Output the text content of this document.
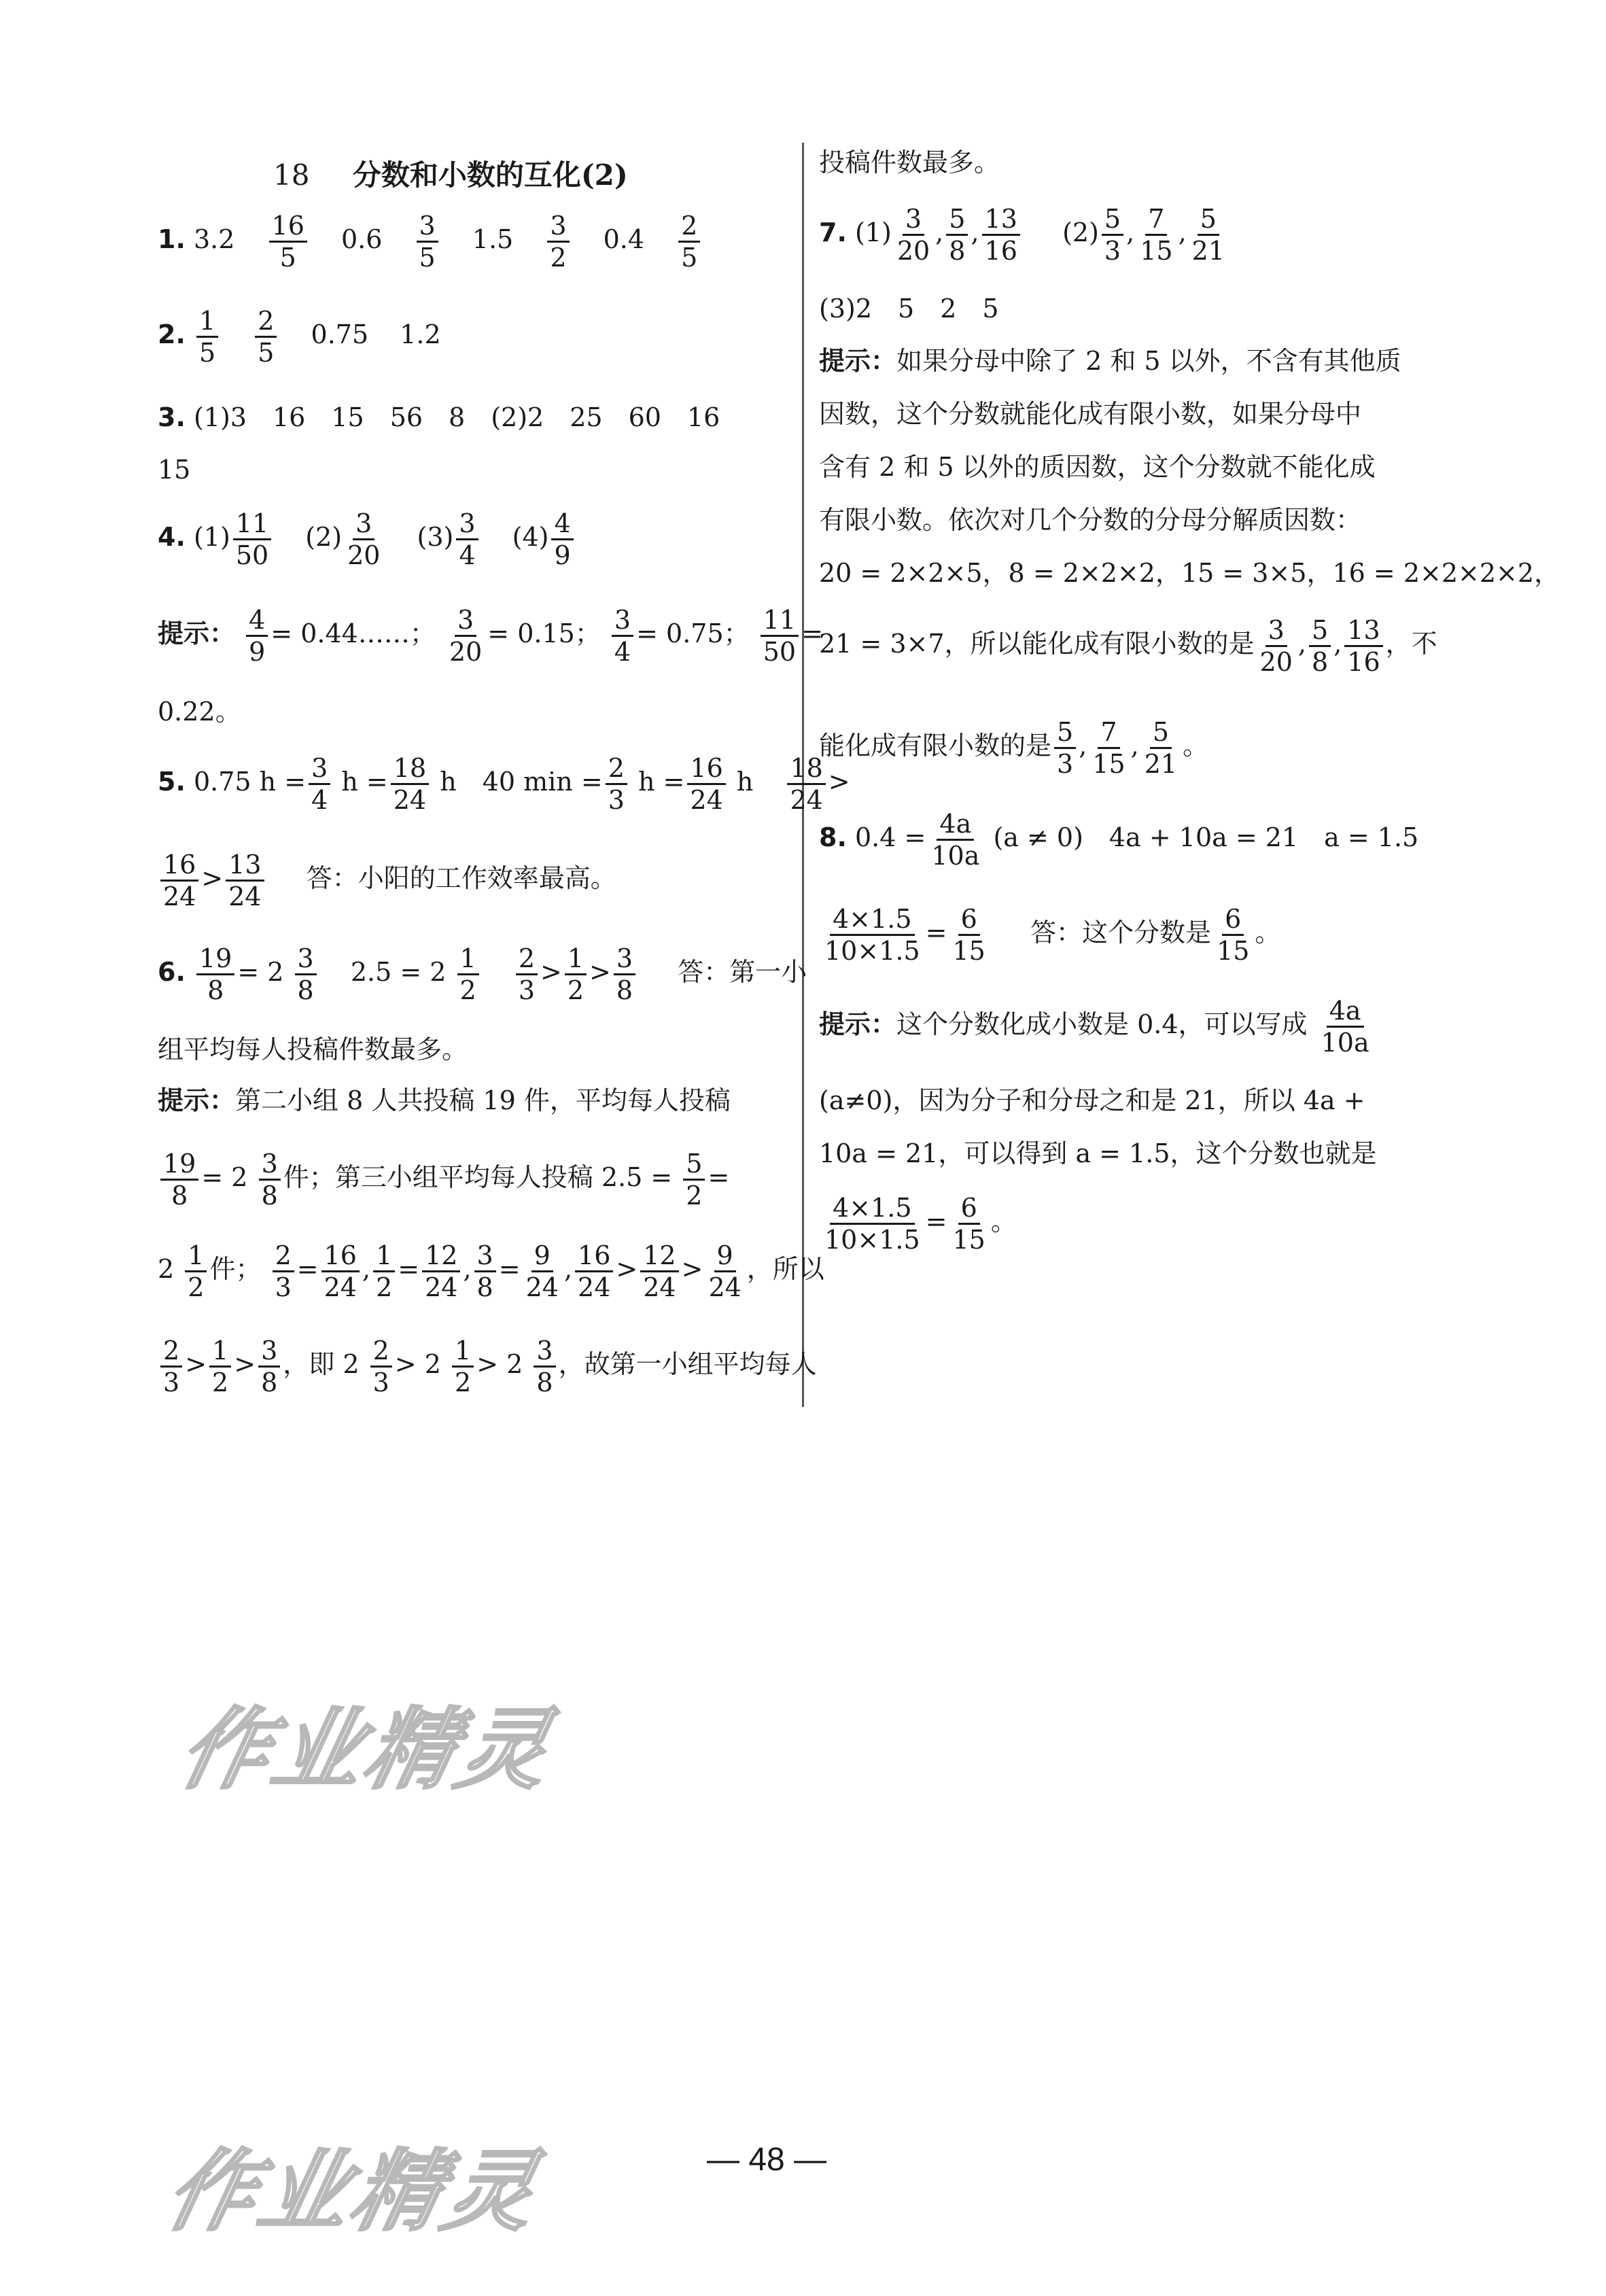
18 分数和小数的互化(2)
1. $3.2 \frac{16}{5} 0.6 \frac{3}{5} 1.5 \frac{3}{2} 0.4 \frac{2}{5}$
2. $\frac{1}{5}$
$\frac{2}{5} 0.75$ 1.2
3. (1)3　16　15　56　8　(2)2　25　60　16
15
4. $(1) \frac{11}{50} (2) \frac{3}{20} (3) \frac{3}{4} (4) \frac{4}{9}$
提示： $\frac{4}{9}$ = 0.44……； $\frac{3}{20} = 0.15$； $\frac{3}{4} = 0.75$； $\frac{11}{50}$ =
0.22。
5. 0.75 $h = \frac{3}{4}$ $h = \frac{18}{24}$ h　40 $\min = \frac{2}{3}$ $h = \frac{16}{24}$ h $\frac{18}{24}$ >
$\frac{16}{24} > \frac{13}{24}$ 答：小阳的工作效率最高。
6. $\frac{19}{8} = 2 \frac{3}{8} 2.5 = 2 \frac{1}{2}$
$\frac{2}{3} > \frac{1}{2} > \frac{3}{8}$ 答：第一小
组平均每人投稿件数最多。
提示：第二小组 8 人共投稿 19 件，平均每人投稿
$\frac{19}{8} = 2 \frac{3}{8}$ 件；第三小组平均每人投稿 $2.5 = \frac{5}{2}$ =
$2 \frac{1}{2}$ 件； $\frac{2}{3} = \frac{16}{24}$ , $\frac{1}{2} = \frac{12}{24}$ , $\frac{3}{8} = \frac{9}{24}$ , $\frac{16}{24} > \frac{12}{24} > \frac{9}{24}$ ，所以
$\frac{2}{3} > \frac{1}{2} > \frac{3}{8}$ ，即 $2 \frac{2}{3} > 2 \frac{1}{2} > 2 \frac{3}{8}$ ，故第一小组平均每人
投稿件数最多。
7. $(1) \frac{3}{20}$ , $\frac{5}{8}$ , $\frac{13}{16} (2) \frac{5}{3}$ , $\frac{7}{15}$ , $\frac{5}{21}$
(3)2　5　2　5
提示：如果分母中除了 2 和 5 以外，不含有其他质
因数，这个分数就能化成有限小数，如果分母中
含有 2 和 5 以外的质因数，这个分数就不能化成
有限小数。依次对几个分数的分母分解质因数：
20 = 2×2×5，8 = 2×2×2，15 = 3×5，16 = 2×2×2×2，
21 = 3×7，所以能化成有限小数的是 $\frac{3}{20}$ , $\frac{5}{8}$ , $\frac{13}{16}$ ，不
能化成有限小数的是 $\frac{5}{3}$ , $\frac{7}{15}$ , $\frac{5}{21}$ 。
8. $0.4 = \frac{4a}{10a} (a \ne 0)$　4a + 10a = 21　a = 1.5
$\frac{4\times 1.5}{10\times 1.5} = \frac{6}{15}$ 答：这个分数是 $\frac{6}{15}$ 。
提示：这个分数化成小数是 0.4，可以写成 $\frac{4a}{10a}$
(a≠0)，因为分子和分母之和是 21，所以 4a +
10a = 21，可以得到 a = 1.5，这个分数也就是
$\frac{4\times 1.5}{10\times 1.5} = \frac{6}{15}$ 。
作业精灵
作业精灵	— 48 —
